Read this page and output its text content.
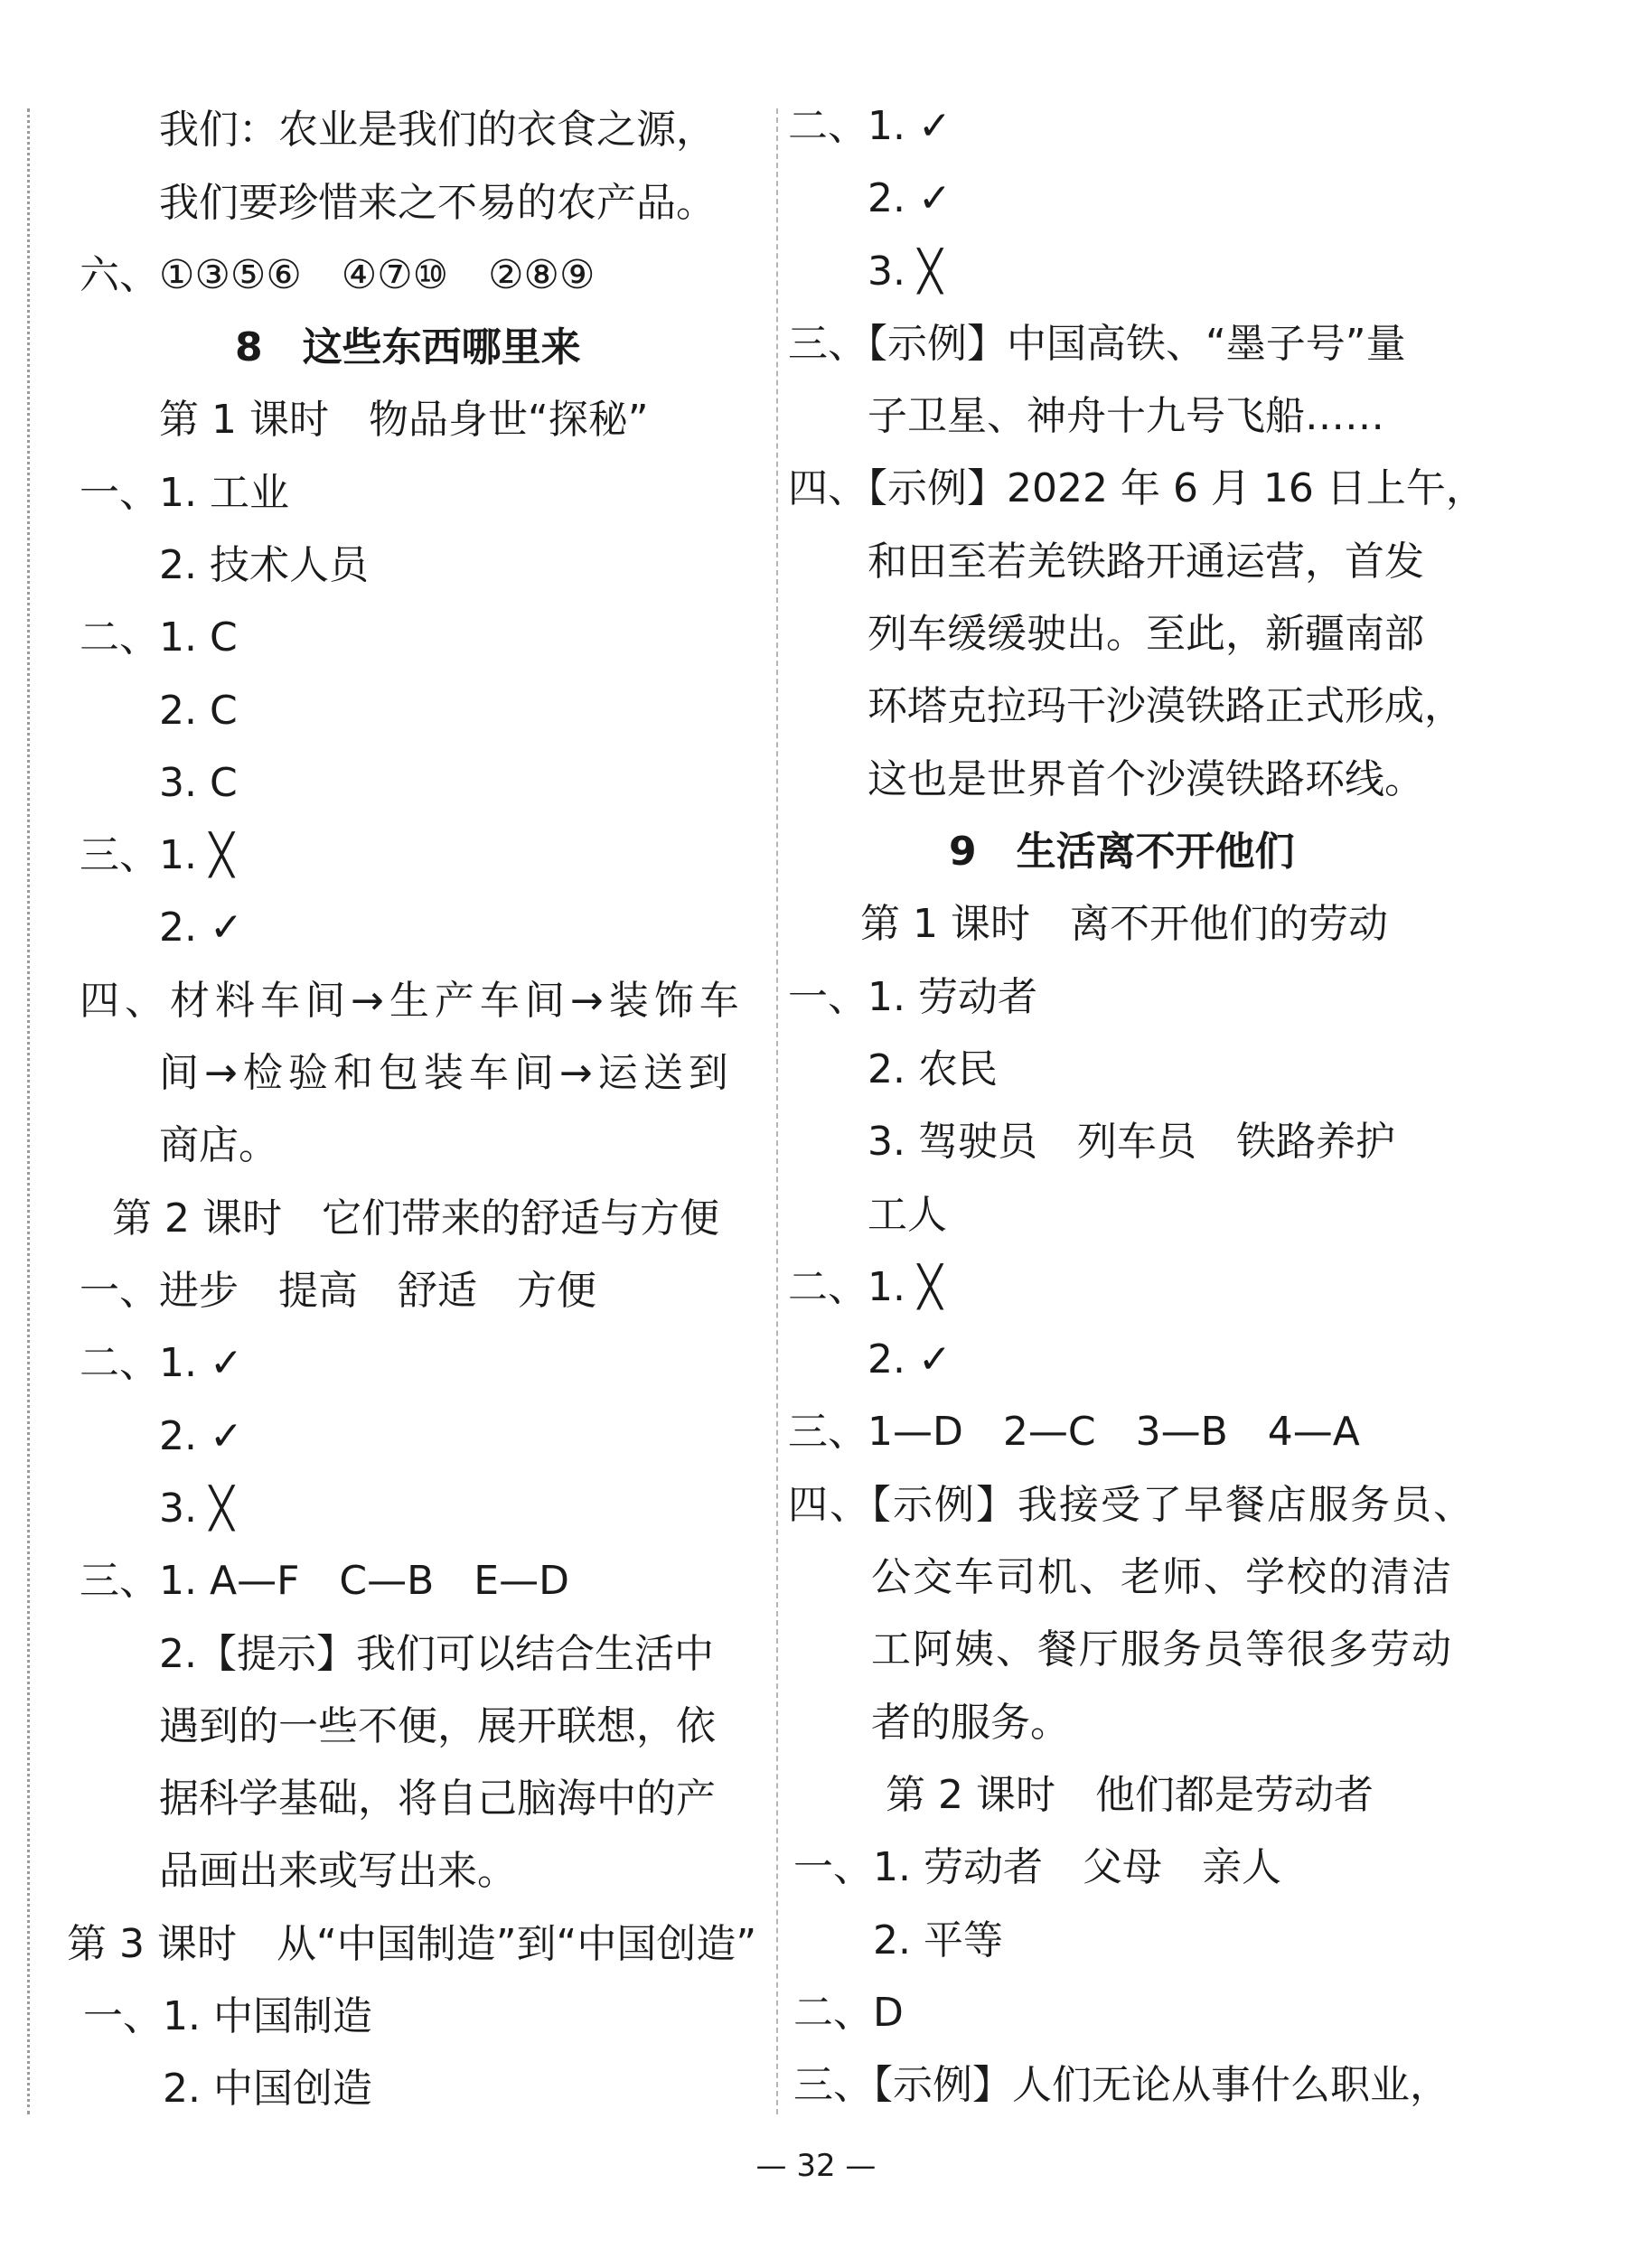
我们：农业是我们的衣食之源，
我们要珍惜来之不易的农产品。
六、①③⑤⑥　④⑦⑩　②⑧⑨
8　这些东西哪里来
第 1 课时　物品身世“探秘”
一、1. 工业
2. 技术人员
二、1. C
2. C
3. C
三、1. ╳
2. ✓
四、材料车间→生产车间→装饰车
间→检验和包装车间→运送到
商店。
第 2 课时　它们带来的舒适与方便
一、进步　提高　舒适　方便
二、1. ✓
2. ✓
3. ╳
三、1. A—F　C—B　E—D
2.【提示】我们可以结合生活中
遇到的一些不便，展开联想，依
据科学基础，将自己脑海中的产
品画出来或写出来。
第 3 课时　从“中国制造”到“中国创造”
一、1. 中国制造
2. 中国创造
二、1. ✓
2. ✓
3. ╳
三、【示例】中国高铁、“墨子号”量
子卫星、神舟十九号飞船……
四、【示例】2022 年 6 月 16 日上午，
和田至若羌铁路开通运营，首发
列车缓缓驶出。至此，新疆南部
环塔克拉玛干沙漠铁路正式形成，
这也是世界首个沙漠铁路环线。
9　生活离不开他们
第 1 课时　离不开他们的劳动
一、1. 劳动者
2. 农民
3. 驾驶员　列车员　铁路养护
工人
二、1. ╳
2. ✓
三、1—D　2—C　3—B　4—A
四、【示例】我接受了早餐店服务员、
公交车司机、老师、学校的清洁
工阿姨、餐厅服务员等很多劳动
者的服务。
第 2 课时　他们都是劳动者
一、1. 劳动者　父母　亲人
2. 平等
二、D
三、【示例】人们无论从事什么职业，
— 32 —
